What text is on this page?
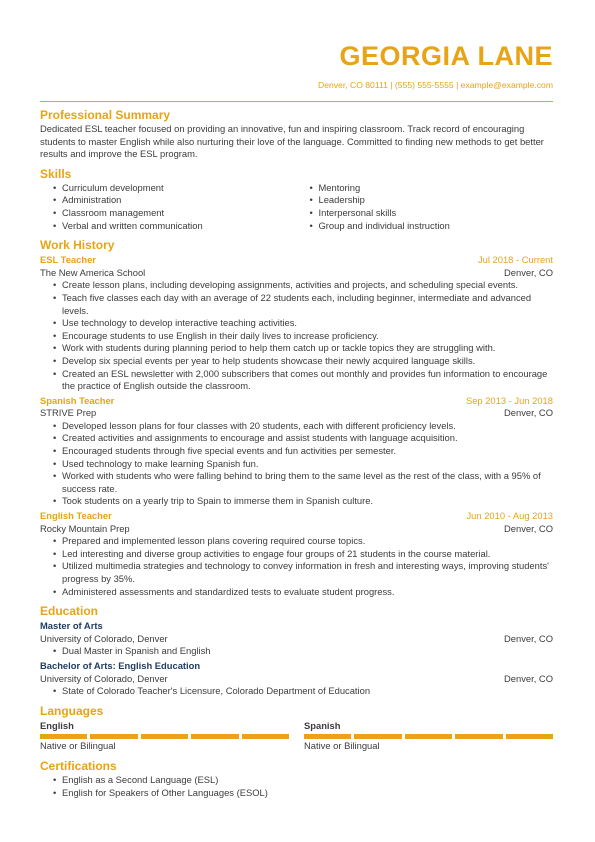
GEORGIA LANE
Denver, CO 80111 | (555) 555-5555 | example@example.com
Professional Summary

Dedicated ESL teacher focused on providing an innovative, fun and inspiring classroom. Track record of encouraging students to master English while also nurturing their love of the language. Committed to finding new methods to get better results and improve the ESL program.

Skills
• Curriculum development
• Administration
• Classroom management
• Verbal and written communication
• Mentoring
• Leadership
• Interpersonal skills
• Group and individual instruction
Work History
ESL Teacher	Jul 2018 - Current
The New America School	Denver, CO
• Create lesson plans, including developing assignments, activities and projects, and scheduling special events.
• Teach five classes each day with an average of 22 students each, including beginner, intermediate and advanced levels.
• Use technology to develop interactive teaching activities.
• Encourage students to use English in their daily lives to increase proficiency.
• Work with students during planning period to help them catch up or tackle topics they are struggling with.
• Develop six special events per year to help students showcase their newly acquired language skills.
• Created an ESL newsletter with 2,000 subscribers that comes out monthly and provides fun information to encourage the practice of English outside the classroom.
Spanish Teacher	Sep 2013 - Jun 2018
STRIVE Prep	Denver, CO
• Developed lesson plans for four classes with 20 students, each with different proficiency levels.
• Created activities and assignments to encourage and assist students with language acquisition.
• Encouraged students through five special events and fun activities per semester.
• Used technology to make learning Spanish fun.
• Worked with students who were falling behind to bring them to the same level as the rest of the class, with a 95% of success rate.
• Took students on a yearly trip to Spain to immerse them in Spanish culture.
English Teacher	Jun 2010 - Aug 2013
Rocky Mountain Prep	Denver, CO
• Prepared and implemented lesson plans covering required course topics.
• Led interesting and diverse group activities to engage four groups of 21 students in the course material.
• Utilized multimedia strategies and technology to convey information in fresh and interesting ways, improving students' progress by 35%.
• Administered assessments and standardized tests to evaluate student progress.
Education
Master of Arts
University of Colorado, Denver	Denver, CO
• Dual Master in Spanish and English
Bachelor of Arts: English Education
University of Colorado, Denver	Denver, CO
• State of Colorado Teacher's Licensure, Colorado Department of Education
Languages
English
Native or Bilingual
Spanish
Native or Bilingual
Certifications
• English as a Second Language (ESL)
• English for Speakers of Other Languages (ESOL)
